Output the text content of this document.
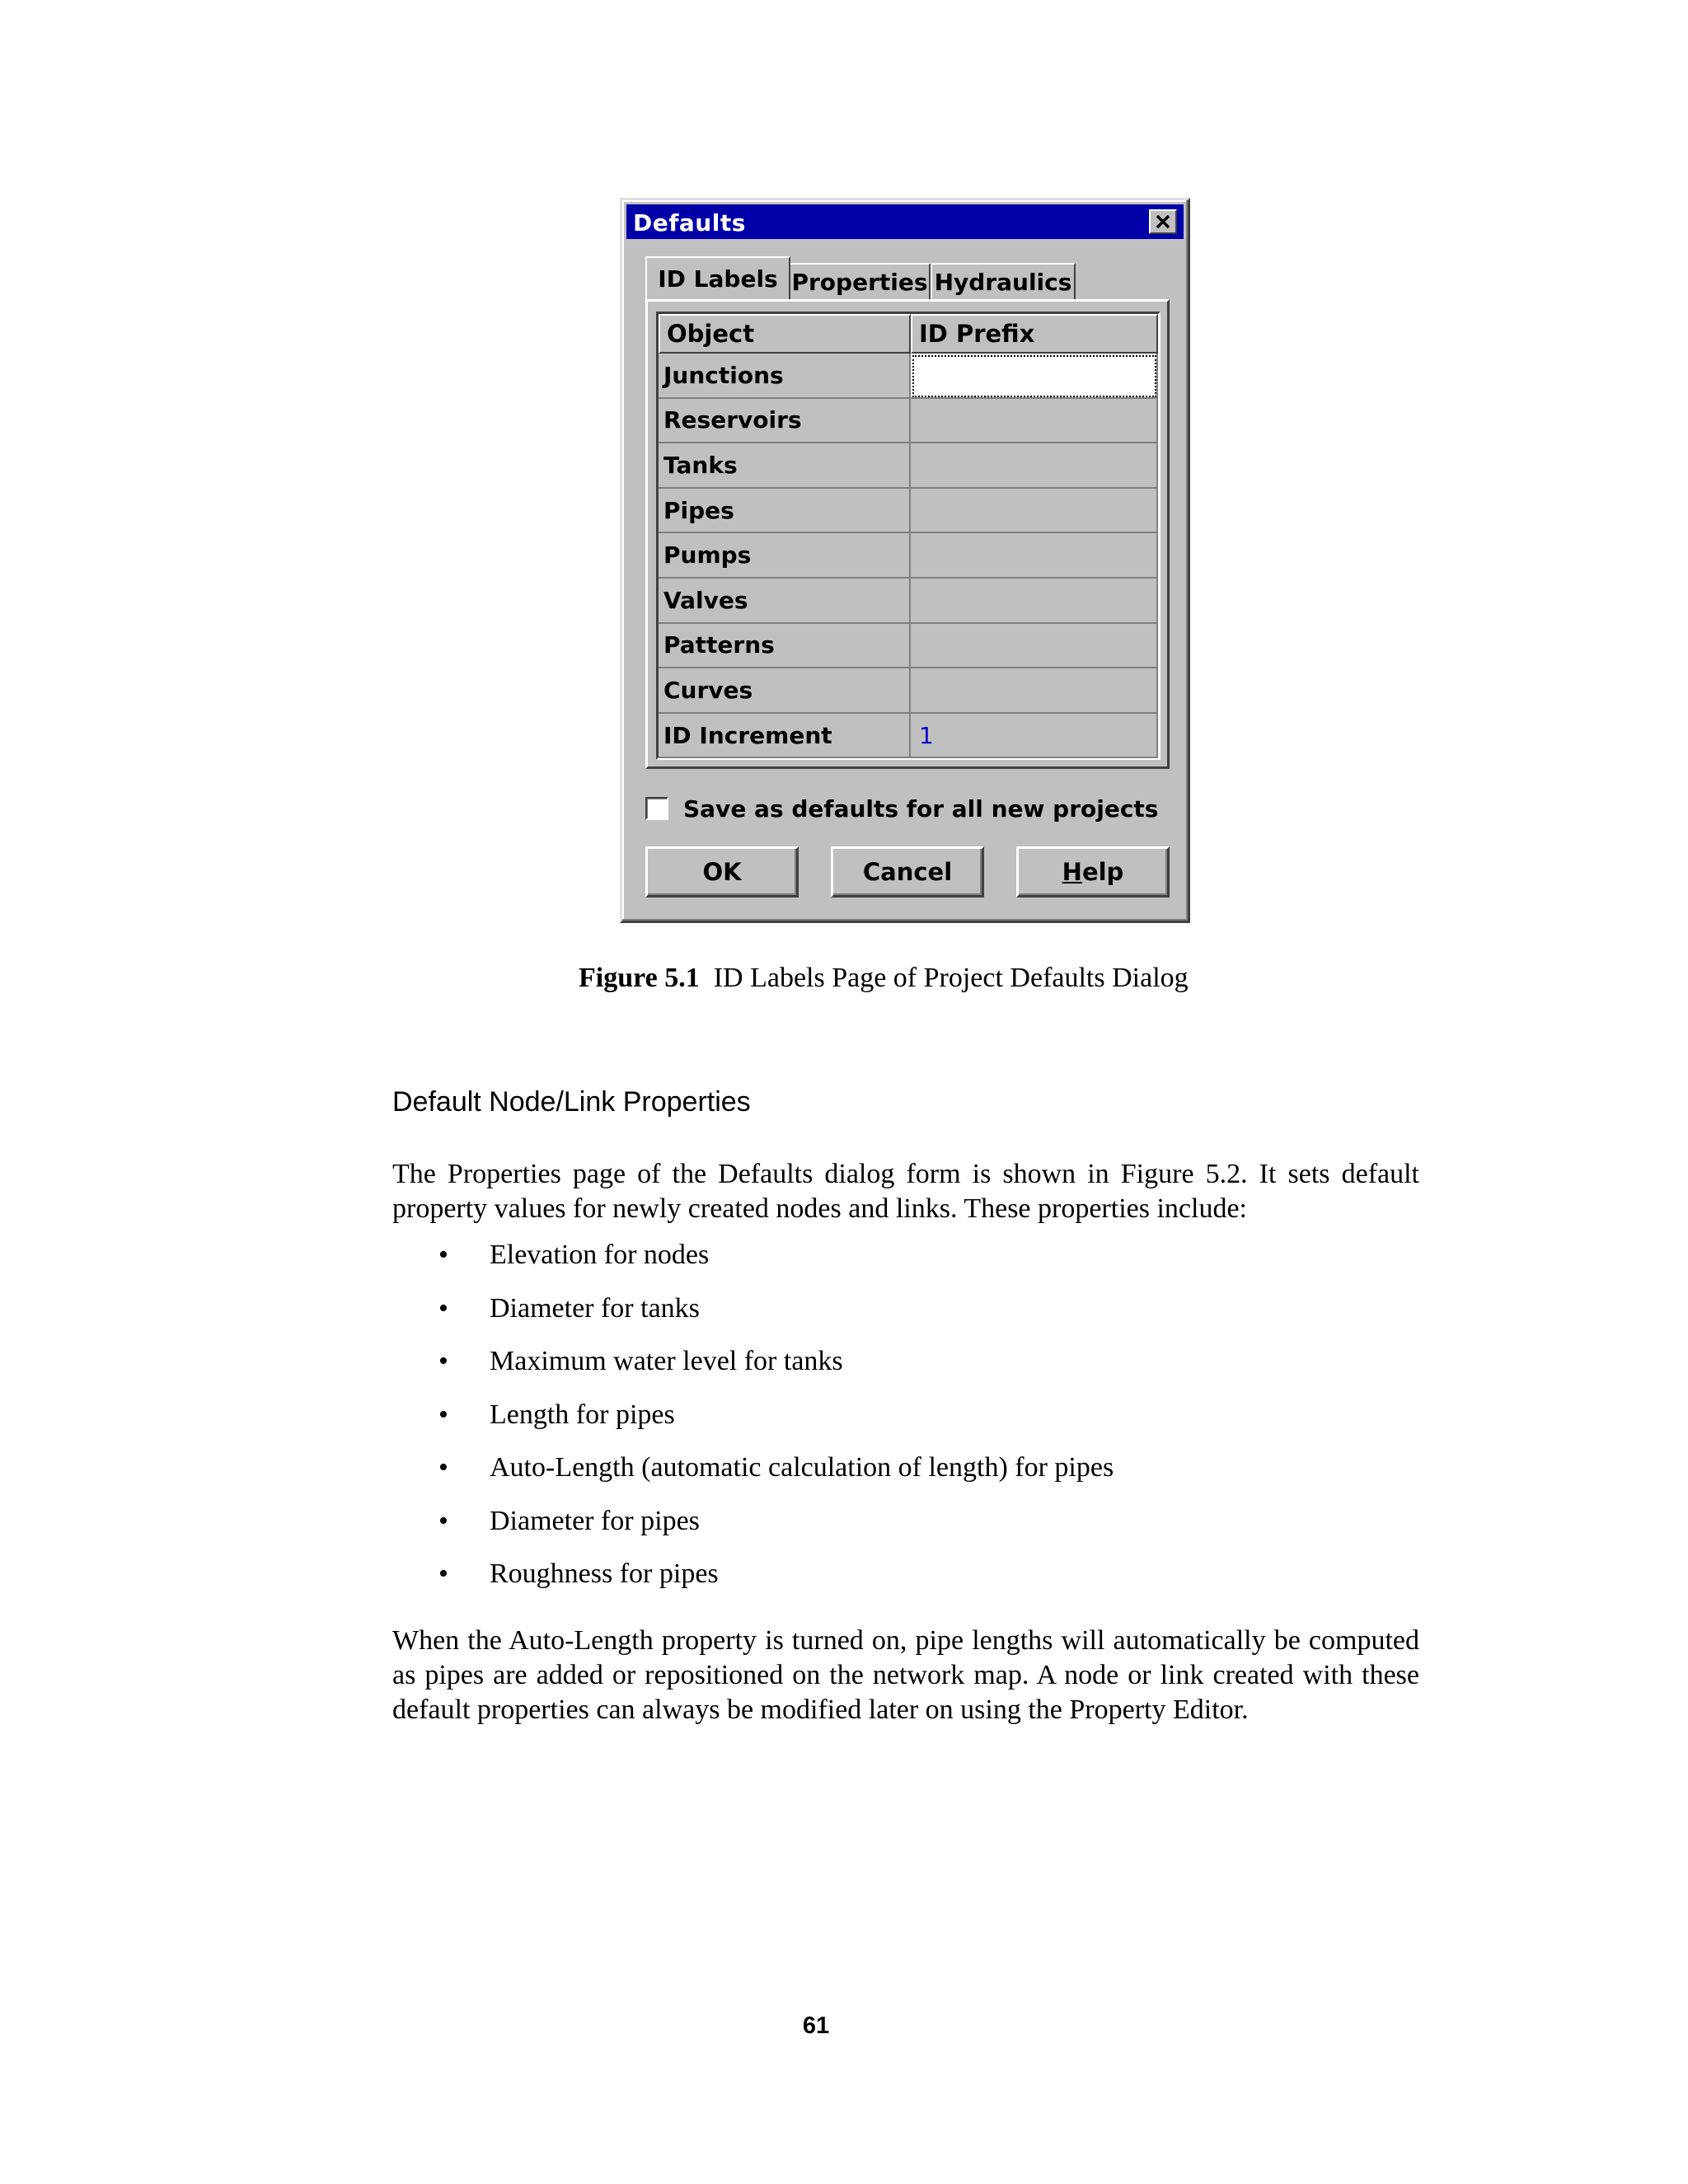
Defaults
ID Labels Properties Hydraulics
Object	ID Prefix
Junctions
Reservoirs
Tanks
Pipes
Pumps
Valves
Patterns
Curves
ID Increment	1
Save as defaults for all new projects
OK	Cancel	H elp
Figure 5.1 ID Labels Page of Project Defaults Dialog
Default Node/Link Properties

The Properties page of the Defaults dialog form is shown in Figure 5.2. It sets default property values for newly created nodes and links. These properties include:

• Elevation for nodes
• Diameter for tanks
• Maximum water level for tanks
• Length for pipes
• Auto-Length (automatic calculation of length) for pipes
• Diameter for pipes
• Roughness for pipes

When the Auto-Length property is turned on, pipe lengths will automatically be computed as pipes are added or repositioned on the network map. A node or link created with these default properties can always be modified later on using the Property Editor.

61
